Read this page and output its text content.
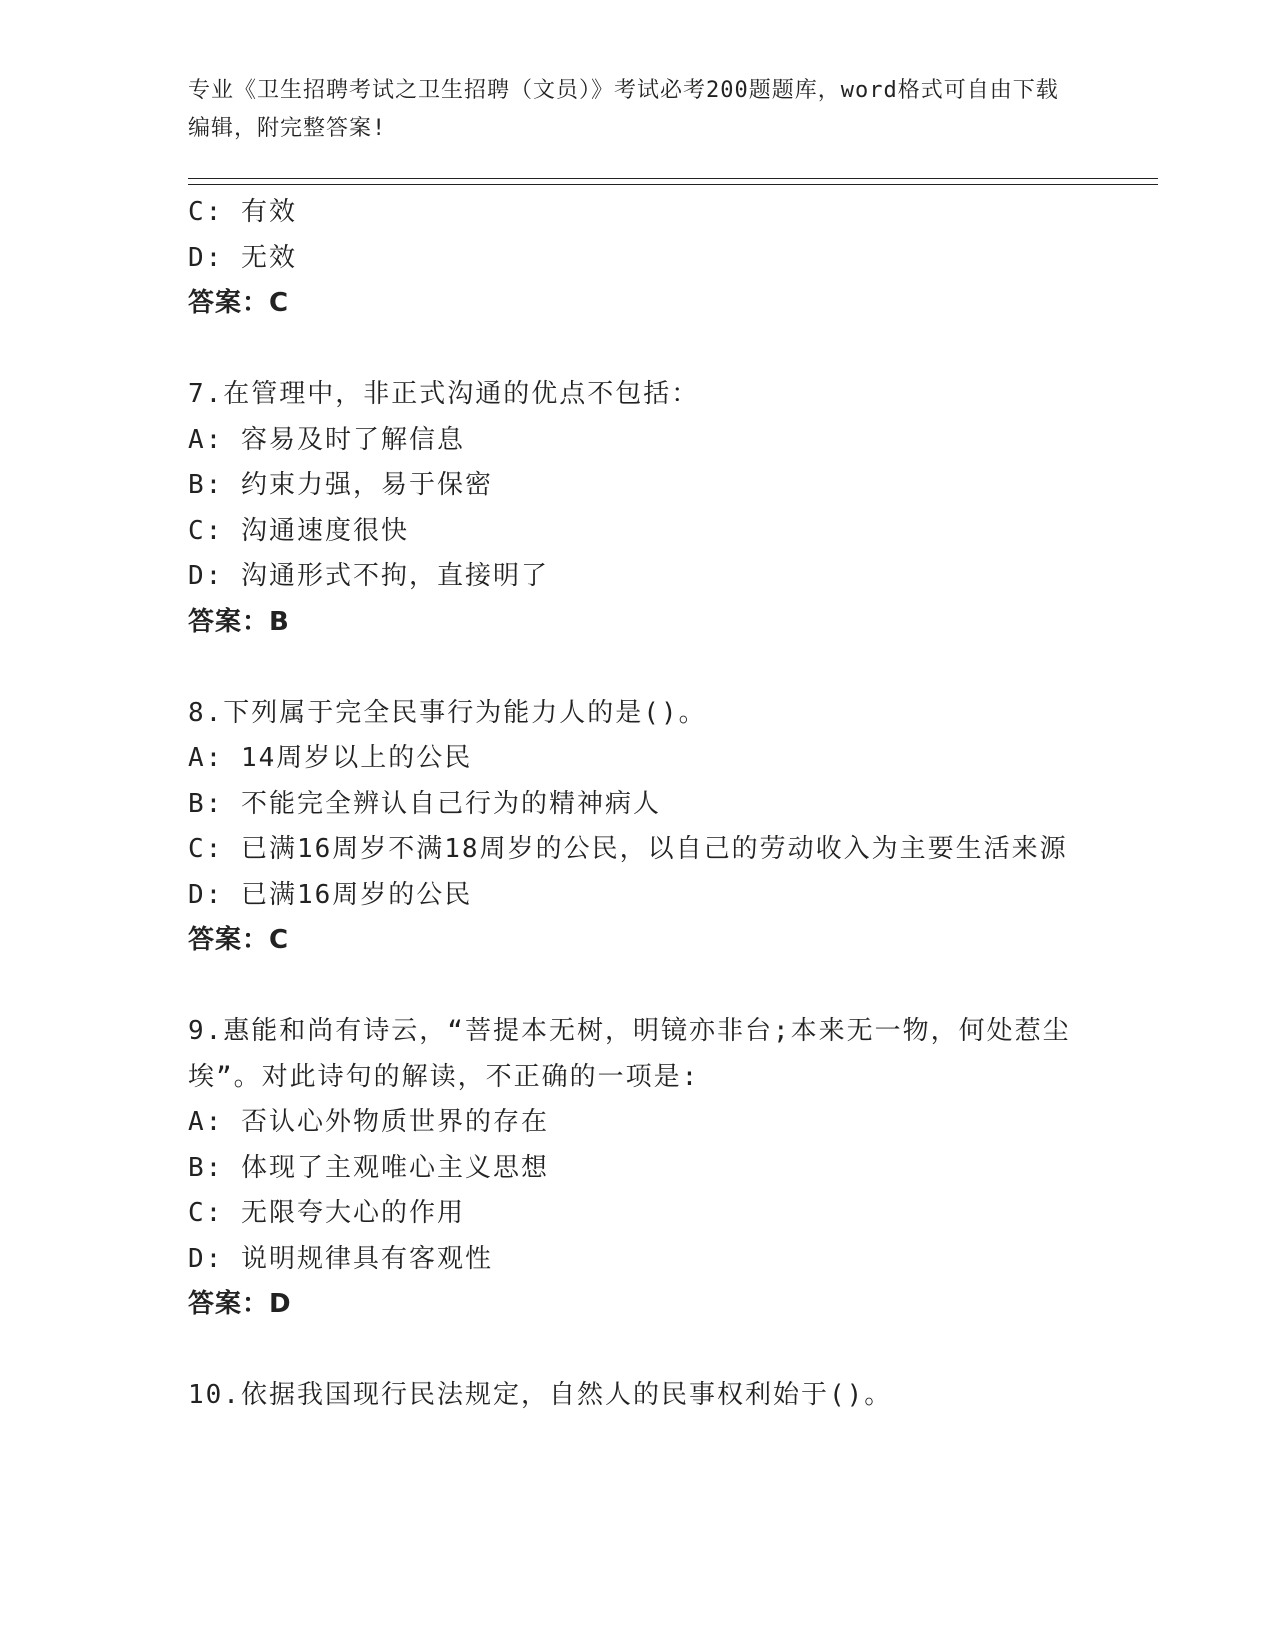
专业《卫生招聘考试之卫生招聘（文员）》考试必考200题题库，word格式可自由下载编辑，附完整答案!
C: 有效
D: 无效
答案：C
7.在管理中，非正式沟通的优点不包括：
A: 容易及时了解信息
B: 约束力强，易于保密
C: 沟通速度很快
D: 沟通形式不拘，直接明了
答案：B
8.下列属于完全民事行为能力人的是()。
A: 14周岁以上的公民
B: 不能完全辨认自己行为的精神病人
C: 已满16周岁不满18周岁的公民，以自己的劳动收入为主要生活来源
D: 已满16周岁的公民
答案：C
9.惠能和尚有诗云，“菩提本无树，明镜亦非台;本来无一物，何处惹尘埃”。对此诗句的解读，不正确的一项是:
A: 否认心外物质世界的存在
B: 体现了主观唯心主义思想
C: 无限夸大心的作用
D: 说明规律具有客观性
答案：D
10.依据我国现行民法规定，自然人的民事权利始于()。
